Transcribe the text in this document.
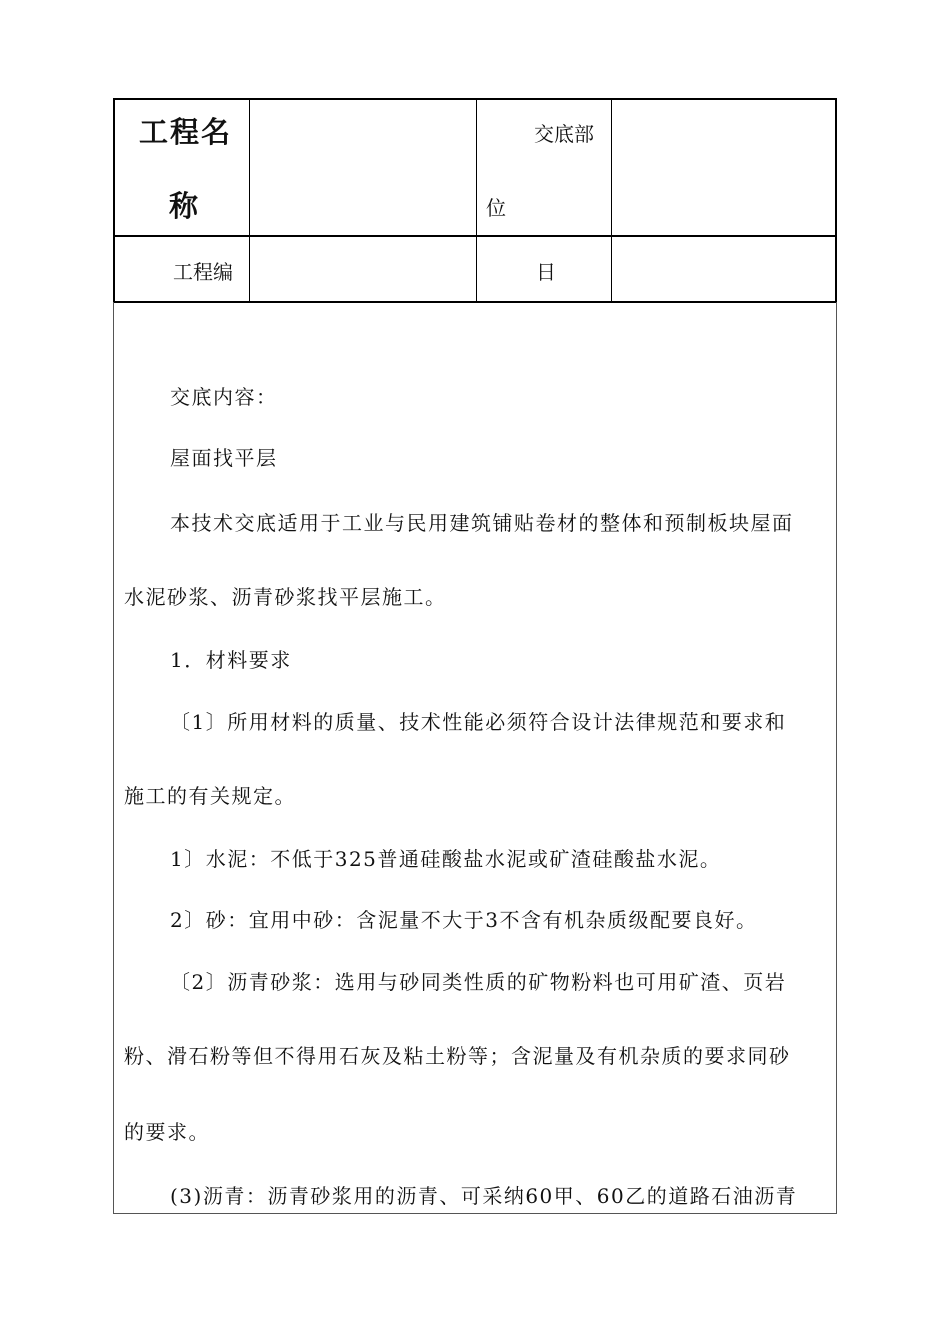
工程名
称
交底部
位
工程编	日
交底内容：
屋面找平层
本技术交底适用于工业与民用建筑铺贴卷材的整体和预制板块屋面
水泥砂浆、沥青砂浆找平层施工。
1．材料要求
〔1〕所用材料的质量、技术性能必须符合设计法律规范和要求和
施工的有关规定。
1〕水泥：不低于325普通硅酸盐水泥或矿渣硅酸盐水泥。
2〕砂：宜用中砂：含泥量不大于3不含有机杂质级配要良好。
〔2〕沥青砂浆：选用与砂同类性质的矿物粉料也可用矿渣、页岩
粉、滑石粉等但不得用石灰及粘土粉等；含泥量及有机杂质的要求同砂
的要求。
(3)沥青：沥青砂浆用的沥青、可采纳60甲、60乙的道路石油沥青
